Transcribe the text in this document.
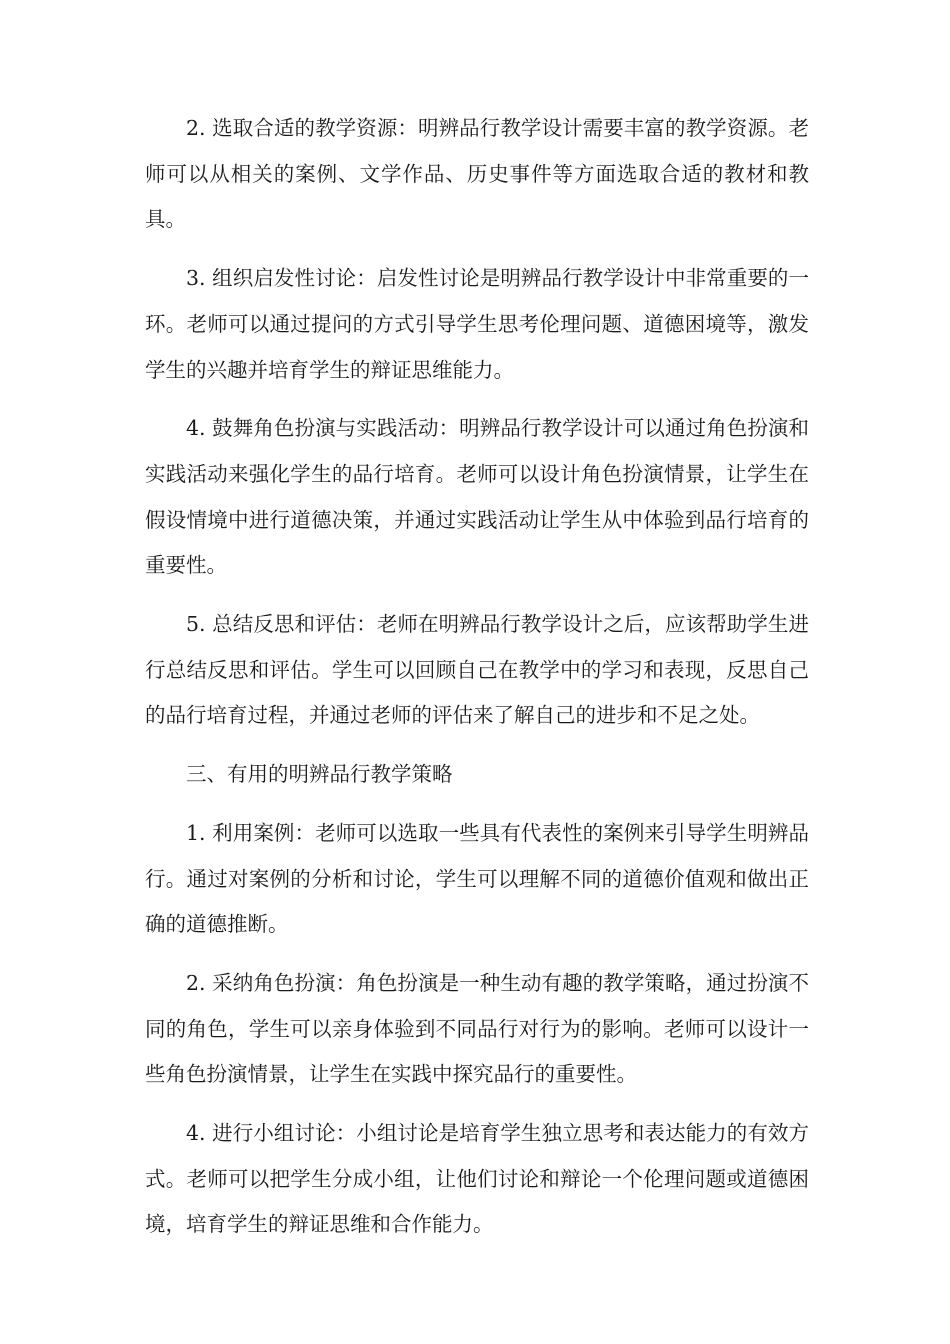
2. 选取合适的教学资源：明辨品行教学设计需要丰富的教学资源。老师可以从相关的案例、文学作品、历史事件等方面选取合适的教材和教具。

3. 组织启发性讨论：启发性讨论是明辨品行教学设计中非常重要的一环。老师可以通过提问的方式引导学生思考伦理问题、道德困境等，激发学生的兴趣并培育学生的辩证思维能力。

4. 鼓舞角色扮演与实践活动：明辨品行教学设计可以通过角色扮演和实践活动来强化学生的品行培育。老师可以设计角色扮演情景，让学生在假设情境中进行道德决策，并通过实践活动让学生从中体验到品行培育的重要性。

5. 总结反思和评估：老师在明辨品行教学设计之后，应该帮助学生进行总结反思和评估。学生可以回顾自己在教学中的学习和表现，反思自己的品行培育过程，并通过老师的评估来了解自己的进步和不足之处。

三、有用的明辨品行教学策略

1. 利用案例：老师可以选取一些具有代表性的案例来引导学生明辨品行。通过对案例的分析和讨论，学生可以理解不同的道德价值观和做出正确的道德推断。

2. 采纳角色扮演：角色扮演是一种生动有趣的教学策略，通过扮演不同的角色，学生可以亲身体验到不同品行对行为的影响。老师可以设计一些角色扮演情景，让学生在实践中探究品行的重要性。

4. 进行小组讨论：小组讨论是培育学生独立思考和表达能力的有效方式。老师可以把学生分成小组，让他们讨论和辩论一个伦理问题或道德困境，培育学生的辩证思维和合作能力。
